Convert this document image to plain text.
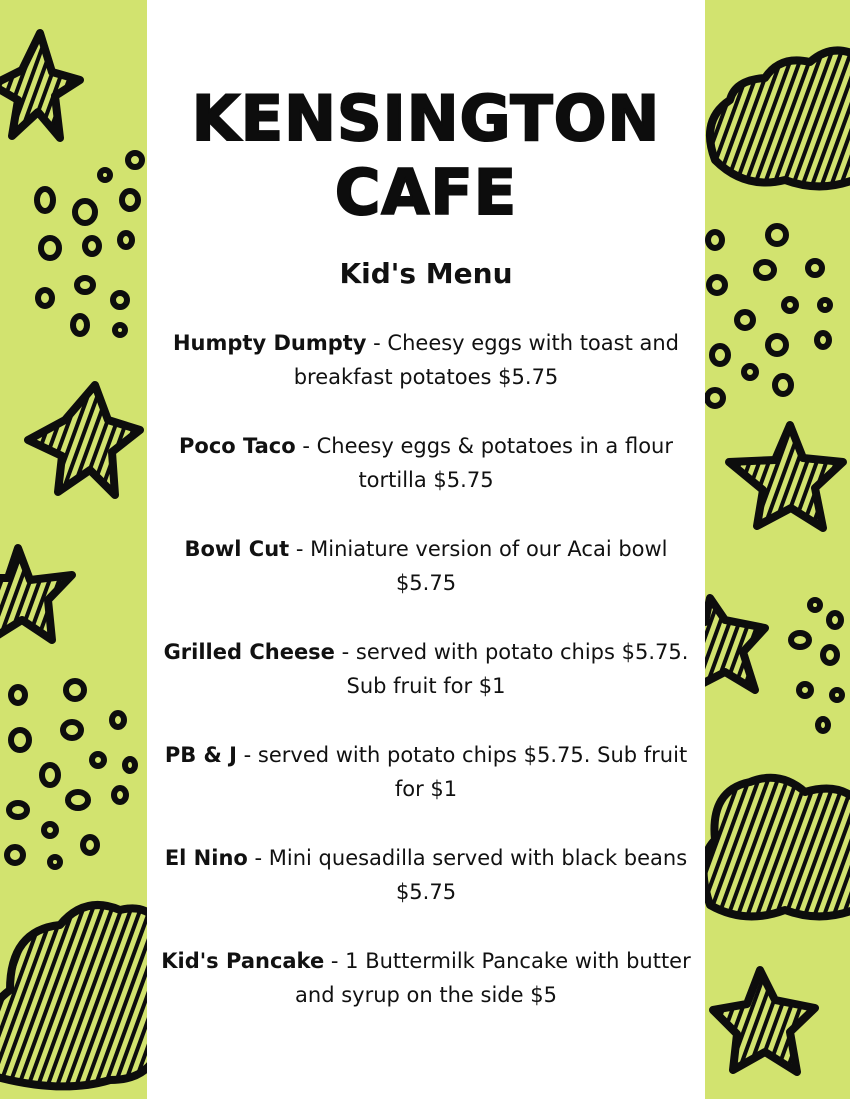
KENSINGTON
CAFE
Kid's Menu
Humpty Dumpty - Cheesy eggs with toast and breakfast potatoes $5.75
Poco Taco - Cheesy eggs & potatoes in a flour tortilla $5.75
Bowl Cut - Miniature version of our Acai bowl $5.75
Grilled Cheese - served with potato chips $5.75. Sub fruit for $1
PB & J - served with potato chips $5.75. Sub fruit for $1
El Nino - Mini quesadilla served with black beans $5.75
Kid's Pancake - 1 Buttermilk Pancake with butter and syrup on the side $5
